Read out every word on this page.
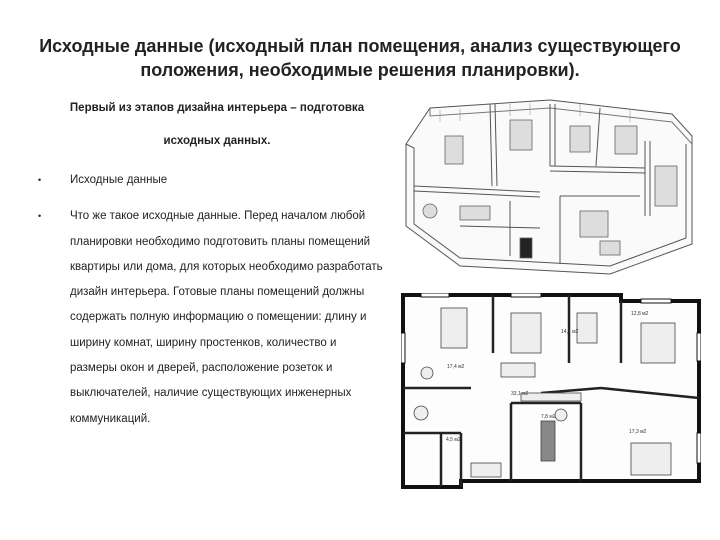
Исходные данные (исходный план помещения, анализ существующего положения, необходимые решения планировки).
Первый из этапов дизайна интерьера – подготовка исходных данных.
•	Исходные данные
•	Что же такое исходные данные. Перед началом любой планировки необходимо подготовить планы помещений квартиры или дома, для которых необходимо разработать дизайн интерьера. Готовые планы помещений должны содержать полную информацию о помещении: длину и ширину комнат, ширину простенков, количество и размеры окон и дверей, расположение розеток и выключателей, наличие существующих инженерных коммуникаций.
17,4 м2
12,8 м2
14,1 м2
33,1 м2
4,5 м2
7,8 м2
17,3 м2
